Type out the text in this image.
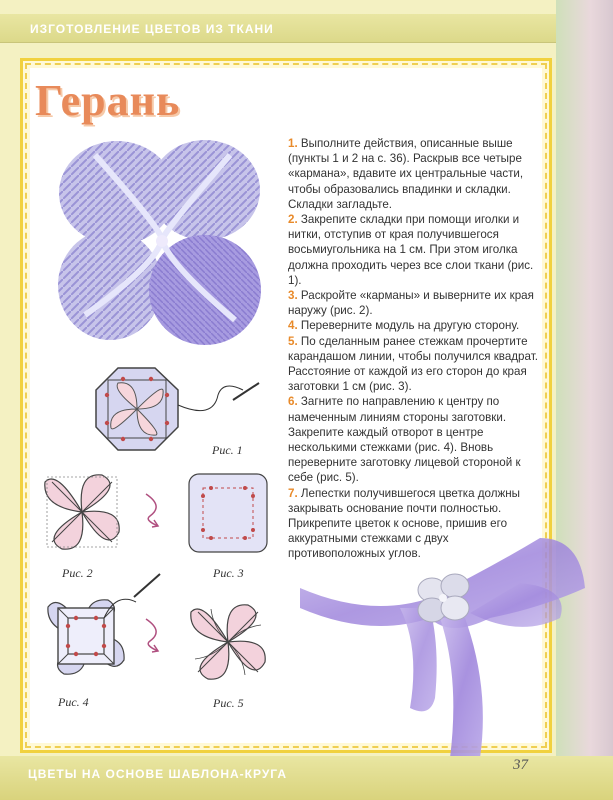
ИЗГОТОВЛЕНИЕ ЦВЕТОВ ИЗ ТКАНИ
Герань
Рис. 1
Рис. 2	Рис. 3
Рис. 4	Рис. 5

1. Выполните действия, описанные выше (пункты 1 и 2 на с. 36). Раскрыв все четыре «кармана», вдавите их центральные части, чтобы образовались впадинки и складки. Складки загладьте.

2. Закрепите складки при помощи иголки и нитки, отступив от края получившегося восьмиугольника на 1 см. При этом иголка должна проходить через все слои ткани (рис. 1).

3. Раскройте «карманы» и выверните их края наружу (рис. 2).

4. Переверните модуль на другую сторону.

5. По сделанным ранее стежкам прочертите карандашом линии, чтобы получился квадрат. Расстояние от каждой из его сторон до края заготовки 1 см (рис. 3).

6. Загните по направлению к центру по намеченным линиям стороны заготовки. Закрепите каждый отворот в центре несколькими стежками (рис. 4). Вновь переверните заготовку лицевой стороной к себе (рис. 5).

7. Лепестки получившегося цветка должны закрывать основание почти полностью. Прикрепите цветок к основе, пришив его аккуратными стежками с двух противоположных углов.

ЦВЕТЫ НА ОСНОВЕ ШАБЛОНА-КРУГА
37
